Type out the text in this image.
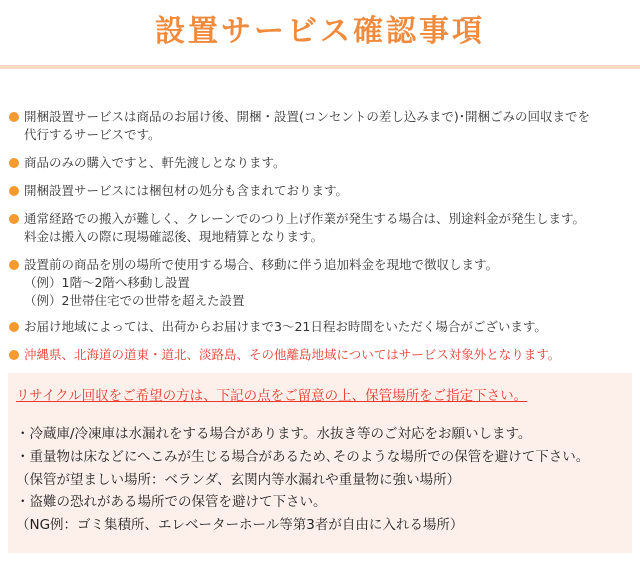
設置サービス確認事項
開梱設置サービスは商品のお届け後、開梱・設置(コンセントの差し込みまで)･開梱ごみの回収までを
代行するサービスです。
商品のみの購入ですと、軒先渡しとなります。
開梱設置サービスには梱包材の処分も含まれております。
通常経路での搬入が難しく、クレーンでのつり上げ作業が発生する場合は、別途料金が発生します。
料金は搬入の際に現場確認後、現地精算となります。
設置前の商品を別の場所で使用する場合、移動に伴う追加料金を現地で徴収します。
（例）1階～2階へ移動し設置
（例）2世帯住宅での世帯を超えた設置
お届け地域によっては、出荷からお届けまで3～21日程お時間をいただく場合がございます。
沖縄県、北海道の道東・道北、淡路島、その他離島地域についてはサービス対象外となります。
リサイクル回収をご希望の方は、下記の点をご留意の上、保管場所をご指定下さい。
・冷蔵庫/冷凍庫は水漏れをする場合があります。水抜き等のご対応をお願いします。
・重量物は床などにへこみが生じる場合があるため､そのような場所での保管を避けて下さい。
（保管が望ましい場所：ベランダ、玄関内等水漏れや重量物に強い場所）
・盗難の恐れがある場所での保管を避けて下さい。
（NG例：ゴミ集積所、エレベーターホール等第3者が自由に入れる場所）
